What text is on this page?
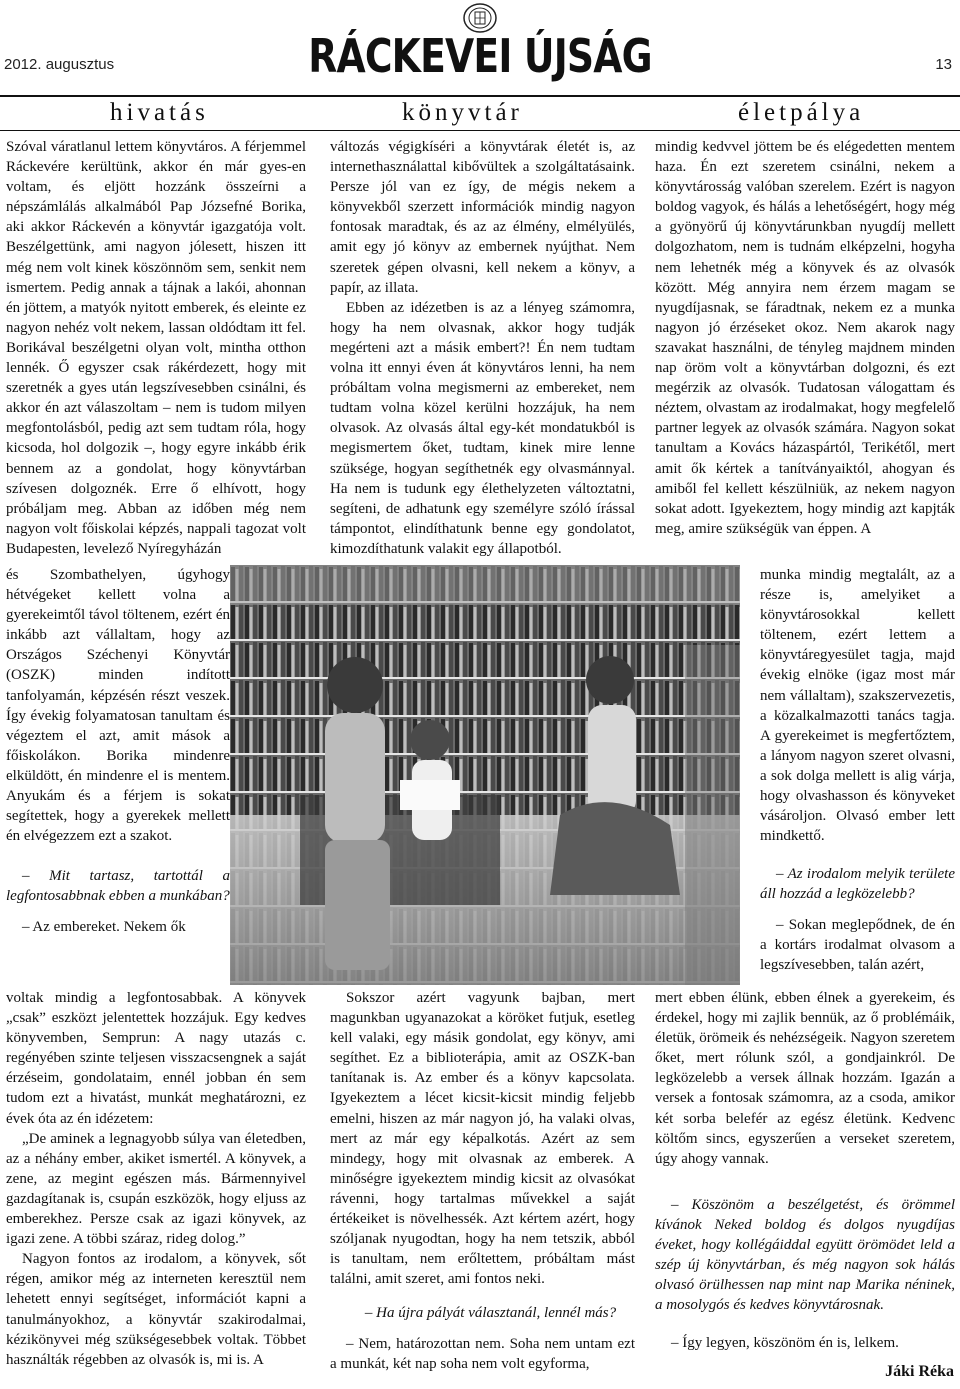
2012. augusztus	RÁCKEVEI ÚJSÁG	13
hivatás	könyvtár	életpálya

Szóval váratlanul lettem könyvtáros. A férjemmel Ráckevére kerültünk, akkor én már gyes-en voltam, és eljött hozzánk összeírni a népszámlálás alkalmából Pap Józsefné Borika, aki akkor Ráckevén a könyvtár igazgatója volt. Beszélgettünk, ami nagyon jólesett, hiszen itt még nem volt kinek köszönnöm sem, senkit nem ismertem. Pedig annak a tájnak a lakói, ahonnan én jöttem, a matyók nyitott emberek, és eleinte ez nagyon nehéz volt nekem, lassan oldódtam itt fel. Borikával beszélgetni olyan volt, mintha otthon lennék. Ő egyszer csak rákérdezett, hogy mit szeretnék a gyes után legszívesebben csinálni, és akkor én azt válaszoltam – nem is tudom milyen megfontolásból, pedig azt sem tudtam róla, hogy kicsoda, hol dolgozik –, hogy egyre inkább érik bennem az a gondolat, hogy könyvtárban szívesen dolgoznék. Erre ő elhívott, hogy próbáljam meg. Abban az időben még nem nagyon volt főiskolai képzés, nappali tagozat volt Budapesten, levelező Nyíregyházán

és Szombathelyen, úgyhogy hétvégeket kellett volna a gyerekeimtől távol töltenem, ezért én inkább azt vállaltam, hogy az Országos Széchenyi Könyvtár (OSZK) minden indított tanfolyamán, képzésén részt veszek. Így évekig folyamatosan tanultam és végeztem el azt, amit mások a főiskolákon. Borika mindenre elküldött, én mindenre el is mentem. Anyukám és a férjem is sokat segítettek, hogy a gyerekek mellett én elvégezzem ezt a szakot.

– Mit tartasz, tartottál a legfontosabbnak ebben a munkában?

– Az embereket. Nekem ők

voltak mindig a legfontosabbak. A könyvek „csak” eszközt jelentettek hozzájuk. Egy kedves könyvemben, Semprun: A nagy utazás c. regényében szinte teljesen visszacsengnek a saját érzéseim, gondolataim, ennél jobban én sem tudom ezt a hivatást, munkát meghatározni, ez évek óta az én idézetem:

„De aminek a legnagyobb súlya van életedben, az a néhány ember, akiket ismertél. A könyvek, a zene, az megint egészen más. Bármennyivel gazdagítanak is, csupán eszközök, hogy eljuss az emberekhez. Persze csak az igazi könyvek, az igazi zene. A többi száraz, rideg dolog.”

Nagyon fontos az irodalom, a könyvek, sőt régen, amikor még az interneten keresztül nem lehetett ennyi segítséget, információt kapni a tanulmányokhoz, a könyvtár szakirodalmai, kézikönyvei még szükségesebbek voltak. Többet használták régebben az olvasók is, mi is. A

változás végigkíséri a könyvtárak életét is, az internethasználattal kibővültek a szolgáltatásaink. Persze jól van ez így, de mégis nekem a könyvekből szerzett információk mindig nagyon fontosak maradtak, és az az élmény, elmélyülés, amit egy jó könyv az embernek nyújthat. Nem szeretek gépen olvasni, kell nekem a könyv, a papír, az illata.

Ebben az idézetben is az a lényeg számomra, hogy ha nem olvasnak, akkor hogy tudják megérteni azt a másik embert?! Én nem tudtam volna itt ennyi éven át könyvtáros lenni, ha nem próbáltam volna megismerni az embereket, nem tudtam volna közel kerülni hozzájuk, ha nem olvasok. Az olvasás által egy-két mondatukból is megismertem őket, tudtam, kinek mire lenne szüksége, hogyan segíthetnék egy olvasmánnyal. Ha nem is tudunk egy élethelyzeten változtatni, segíteni, de adhatunk egy személyre szóló írással támpontot, elindíthatunk benne egy gondolatot, kimozdíthatunk valakit egy állapotból.

Sokszor azért vagyunk bajban, mert magunkban ugyanazokat a köröket futjuk, esetleg kell valaki, egy másik gondolat, egy könyv, ami segíthet. Ez a biblioterápia, amit az OSZK-ban tanítanak is. Az ember és a könyv kapcsolata. Igyekeztem a lécet kicsit-kicsit mindig feljebb emelni, hiszen az már nagyon jó, ha valaki olvas, mert az már egy képalkotás. Azért az sem mindegy, hogy mit olvasnak az emberek. A minőségre igyekeztem mindig kicsit az olvasókat rávenni, hogy tartalmas művekkel a saját értékeiket is növelhessék. Azt kértem azért, hogy szóljanak nyugodtan, hogy ha nem tetszik, abból is tanultam, nem erőltettem, próbáltam mást találni, amit szeret, ami fontos neki.

– Ha újra pályát választanál, lennél más?

– Nem, határozottan nem. Soha nem untam ezt a munkát, két nap soha nem volt egyforma,

mindig kedvvel jöttem be és elégedetten mentem haza. Én ezt szeretem csinálni, nekem a könyvtárosság valóban szerelem. Ezért is nagyon boldog vagyok, és hálás a lehetőségért, hogy még a gyönyörű új könyvtárunkban nyugdíj mellett dolgozhatom, nem is tudnám elképzelni, hogyha nem lehetnék még a könyvek és az olvasók között. Még annyira nem érzem magam se nyugdíjasnak, se fáradtnak, nekem ez a munka nagyon jó érzéseket okoz. Nem akarok nagy szavakat használni, de tényleg majdnem minden nap öröm volt a könyvtárban dolgozni, és ezt megérzik az olvasók. Tudatosan válogattam és néztem, olvastam az irodalmakat, hogy megfelelő partner legyek az olvasók számára. Nagyon sokat tanultam a Kovács házaspártól, Terikétől, mert amit ők kértek a tanítványaiktól, ahogyan és amiből fel kellett készülniük, az nekem nagyon sokat adott. Igyekeztem, hogy mindig azt kapjták meg, amire szükségük van éppen. A

munka mindig megtalált, az a része is, amelyiket a könyvtárosokkal kellett töltenem, ezért lettem a könyvtáregyesület tagja, majd évekig elnöke (igaz most már nem vállaltam), szakszervezetis, a közalkalmazotti tanács tagja. A gyerekeimet is megfertőztem, a lányom nagyon szeret olvasni, a sok dolga mellett is alig várja, hogy olvashasson és könyveket vásároljon. Olvasó ember lett mindkettő.

– Az irodalom melyik területe áll hozzád a legközelebb?

– Sokan meglepődnek, de én a kortárs irodalmat olvasom a legszívesebben, talán azért,

mert ebben élünk, ebben élnek a gyerekeim, és érdekel, hogy mi zajlik bennük, az ő problémáik, életük, örömeik és nehézségeik. Nagyon szeretem őket, mert rólunk szól, a gondjainkról. De legközelebb a versek állnak hozzám. Igazán a versek a fontosak számomra, az a csoda, amikor két sorba belefér az egész életünk. Kedvenc költőm sincs, egyszerűen a verseket szeretem, úgy ahogy vannak.

– Köszönöm a beszélgetést, és örömmel kívánok Neked boldog és dolgos nyugdíjas éveket, hogy kollégáiddal együtt örömödet leld a szép új könyvtárban, és még nagyon sok hálás olvasó örülhessen nap mint nap Marika néninek, a mosolygós és kedves könyvtárosnak.

– Így legyen, köszönöm én is, lelkem.

Jáki Réka
